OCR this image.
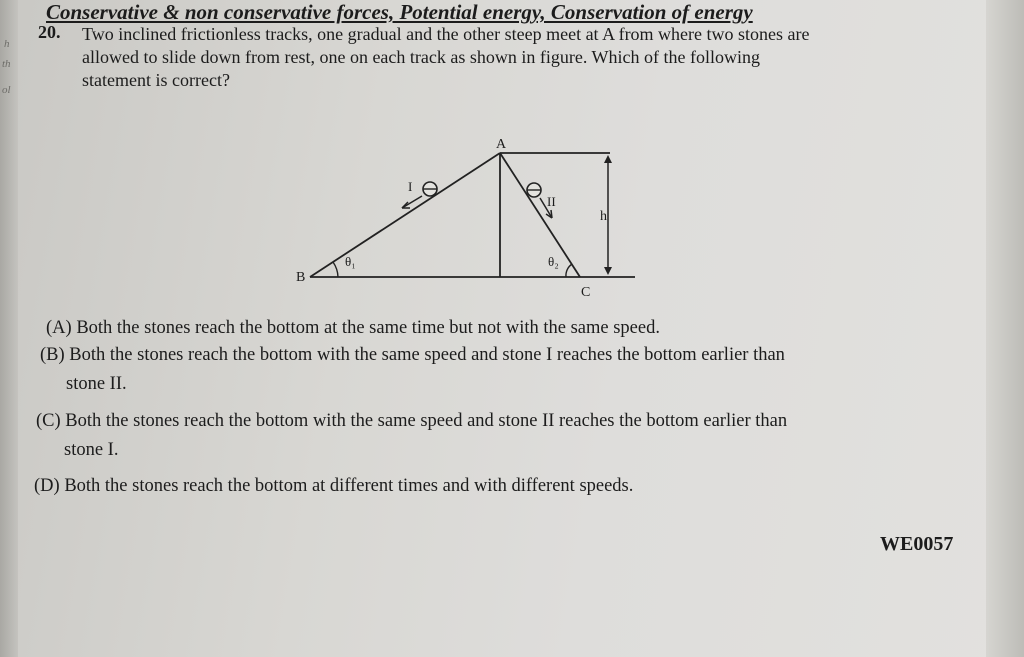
h
th
ol
Conservative & non conservative forces, Potential energy, Conservation of energy
20. Two inclined frictionless tracks, one gradual and the other steep meet at A from where two stones are
allowed to slide down from rest, one on each track as shown in figure. Which of the following
statement is correct?
A
B
C
h
I
II
θ₁	θ₂
(A) Both the stones reach the bottom at the same time but not with the same speed.
(B) Both the stones reach the bottom with the same speed and stone I reaches the bottom earlier than
stone II.
(C) Both the stones reach the bottom with the same speed and stone II reaches the bottom earlier than
stone I.
(D) Both the stones reach the bottom at different times and with different speeds.
WE0057
